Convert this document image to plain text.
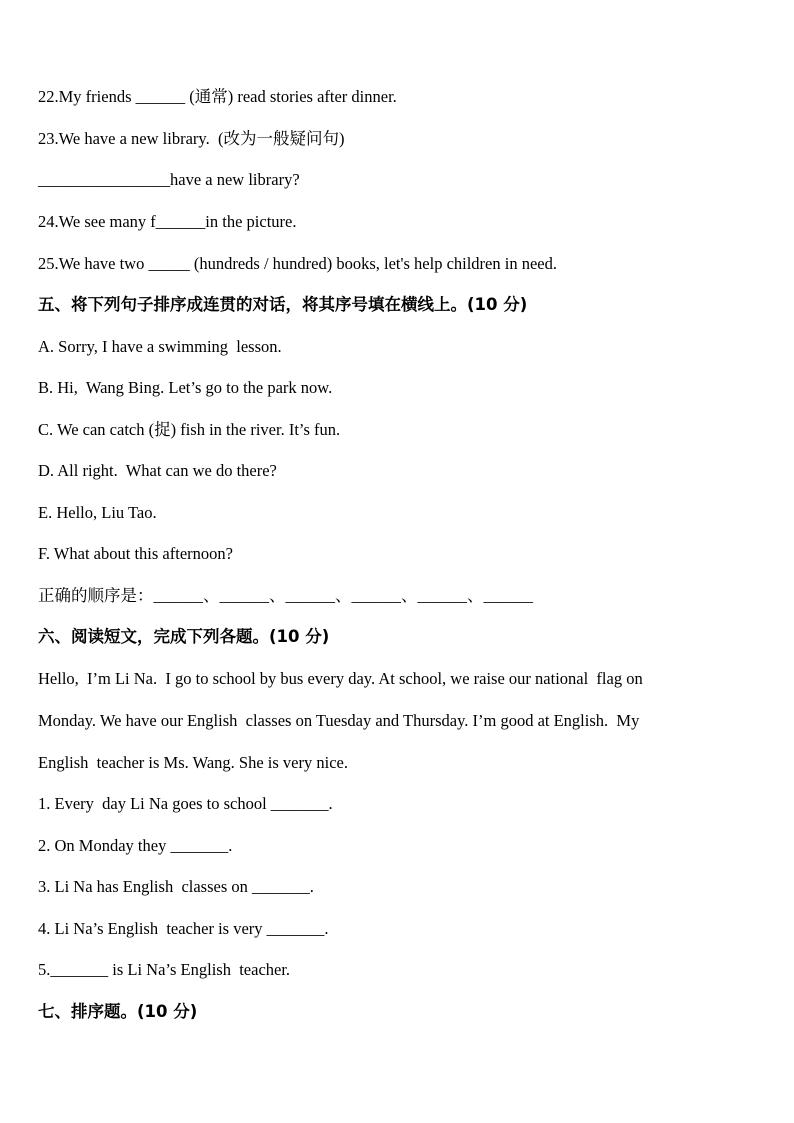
22.My friends ______ (通常) read stories after dinner.
23.We have a new library.  (改为一般疑问句)
________________have a new library?
24.We see many f______in the picture.
25.We have two _____ (hundreds / hundred) books, let's help children in need.
五、将下列句子排序成连贯的对话，将其序号填在横线上。(10 分)
A. Sorry, I have a swimming  lesson.
B. Hi,  Wang Bing. Let’s go to the park now.
C. We can catch (捉) fish in the river. It’s fun.
D. All right.  What can we do there?
E. Hello, Liu Tao.
F. What about this afternoon?
正确的顺序是：______、______、______、______、______、______
六、阅读短文，完成下列各题。(10 分)
Hello,  I’m Li Na.  I go to school by bus every day. At school, we raise our national  flag on
Monday. We have our English  classes on Tuesday and Thursday. I’m good at English.  My
English  teacher is Ms. Wang. She is very nice.
1. Every  day Li Na goes to school _______.
2. On Monday they _______.
3. Li Na has English  classes on _______.
4. Li Na’s English  teacher is very _______.
5._______ is Li Na’s English  teacher.
七、排序题。(10 分)
